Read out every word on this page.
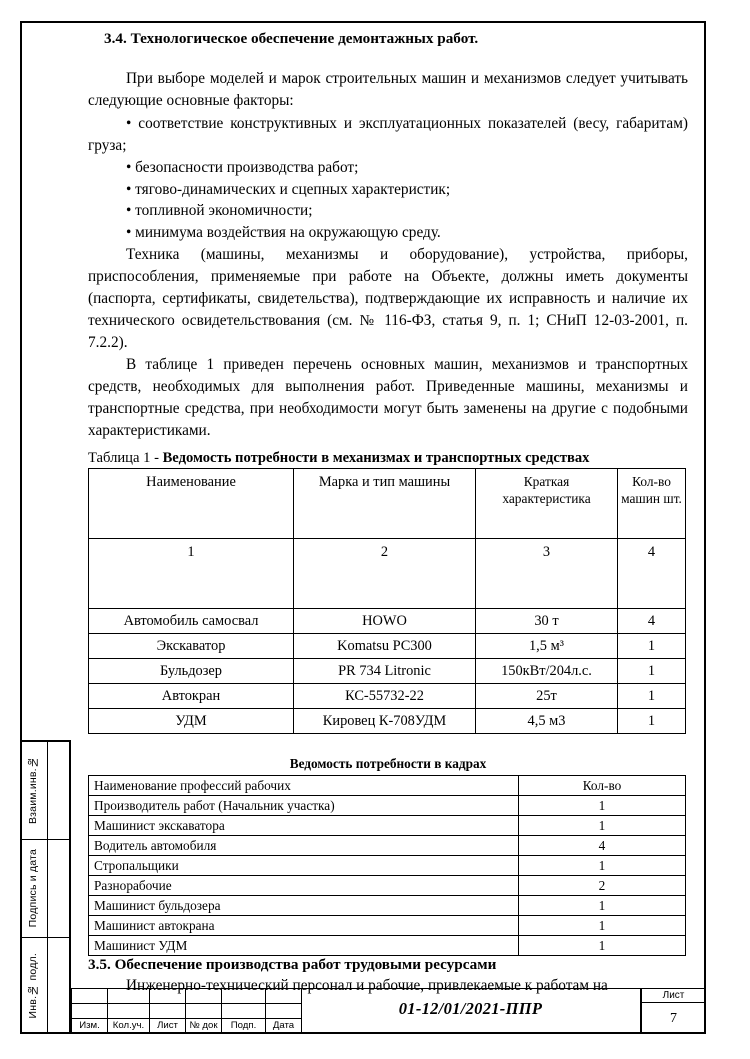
Взаим.инв.№
Подпись и дата
Инв.№ подл.
3.4. Технологическое обеспечение демонтажных работ.

При выборе моделей и марок строительных машин и механизмов следует учитывать следующие основные факторы:

• соответствие конструктивных и эксплуатационных показателей (весу, габаритам) груза;

• безопасности производства работ;

• тягово-динамических и сцепных характеристик;

• топливной экономичности;

• минимума воздействия на окружающую среду.

Техника (машины, механизмы и оборудование), устройства, приборы, приспособления, применяемые при работе на Объекте, должны иметь документы (паспорта, сертификаты, свидетельства), подтверждающие их исправность и наличие их технического освидетельствования (см. № 116-ФЗ, статья 9, п. 1; СНиП 12-03-2001, п. 7.2.2).

В таблице 1 приведен перечень основных машин, механизмов и транспортных средств, необходимых для выполнения работ. Приведенные машины, механизмы и транспортные средства, при необходимости могут быть заменены на другие с подобными характеристиками.

Таблица 1 - Ведомость потребности в механизмах и транспортных средствах
Наименование	Марка и тип машины	Краткая характеристика	Кол-во машин шт.
1	2	3	4
Автомобиль самосвал	HOWO	30 т	4
Экскаватор	Komatsu PC300	1,5 м³	1
Бульдозер	PR 734 Litronic	150кВт/204л.с.	1
Автокран	КС-55732-22	25т	1
УДМ	Кировец К-708УДМ	4,5 м3	1
Ведомость потребности в кадрах
Наименование профессий рабочих	Кол-во
Производитель работ (Начальник участка)	1
Машинист экскаватора	1
Водитель автомобиля	4
Стропальщики	1
Разнорабочие	2
Машинист бульдозера	1
Машинист автокрана	1
Машинист УДМ	1
3.5. Обеспечение производства работ трудовыми ресурсами

Инженерно-технический персонал и рабочие, привлекаемые к работам на

Изм.	Кол.уч.	Лист	№ док	Подп.	Дата
01-12/01/2021-ППР
Лист
7
